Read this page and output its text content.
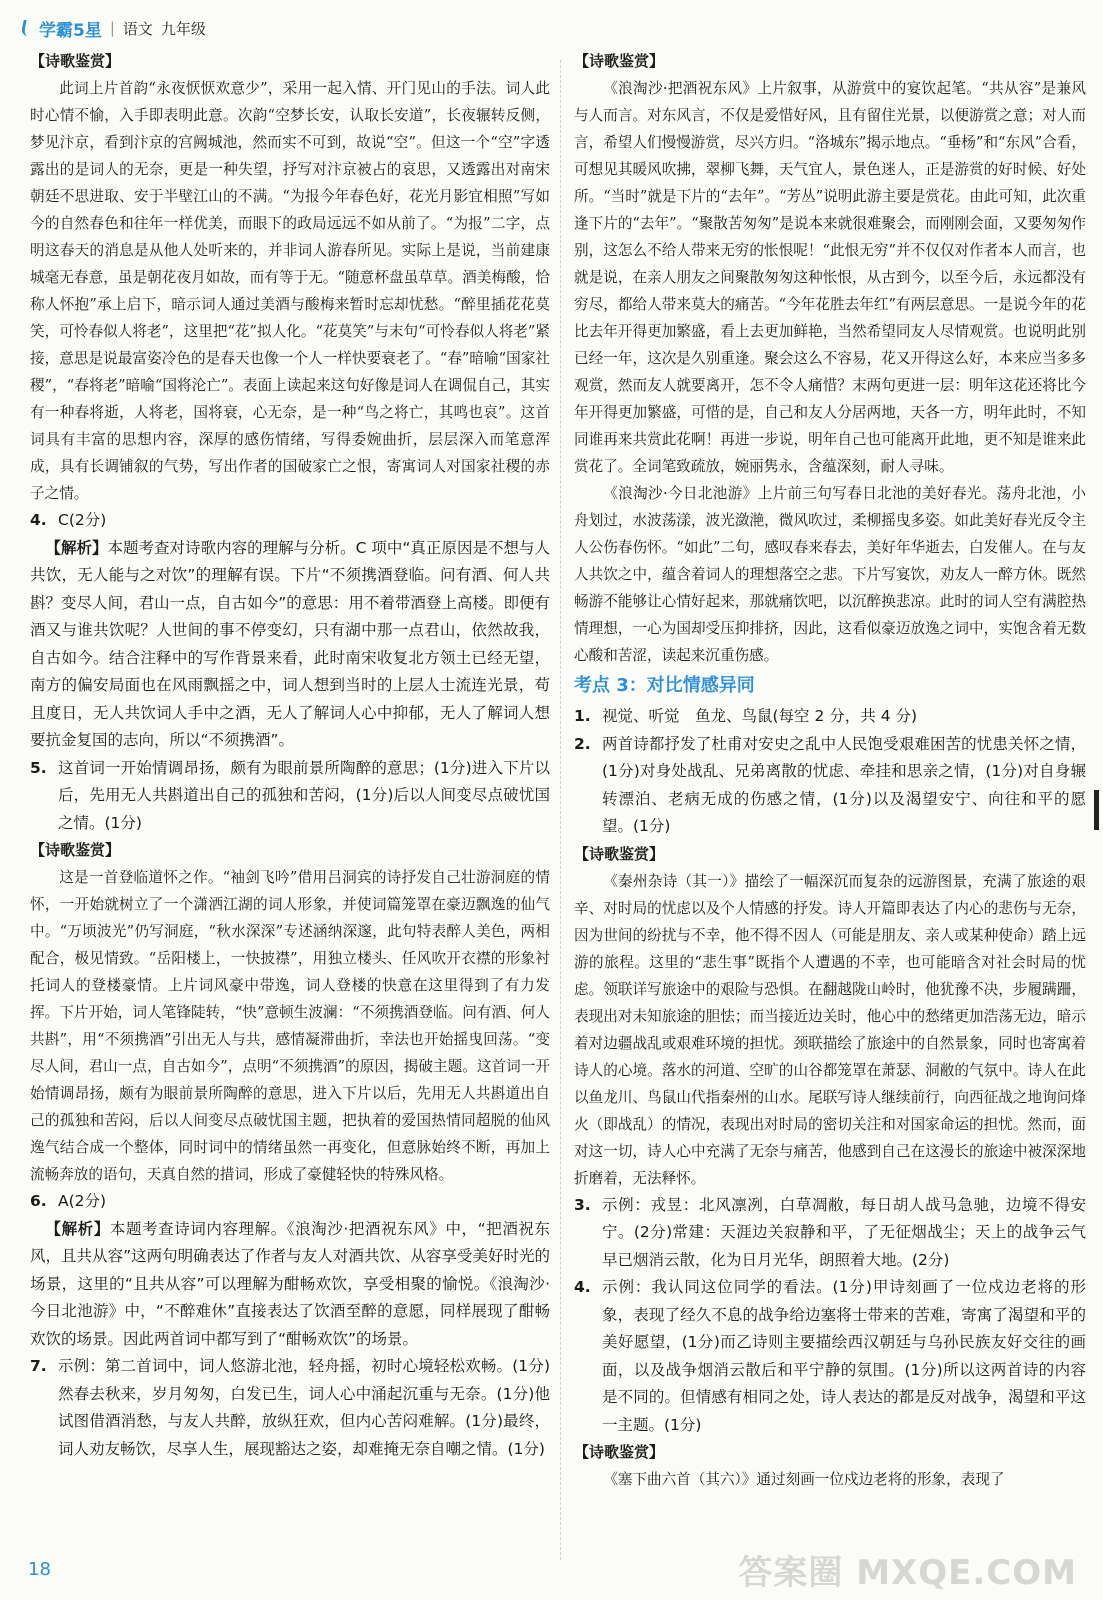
学霸5星 | 语文 九年级

【诗歌鉴赏】

此词上片首韵“永夜恹恹欢意少”，采用一起入情、开门见山的手法。词人此时心情不愉，入手即表明此意。次韵“空梦长安，认取长安道”，长夜辗转反侧，梦见汴京，看到汴京的宫阙城池，然而实不可到，故说“空”。但这一个“空”字透露出的是词人的无奈，更是一种失望，抒写对汴京被占的哀思，又透露出对南宋朝廷不思进取、安于半壁江山的不满。“为报今年春色好，花光月影宜相照”写如今的自然春色和往年一样优美，而眼下的政局远远不如从前了。“为报”二字，点明这春天的消息是从他人处听来的，并非词人游春所见。实际上是说，当前建康城毫无春意，虽是朝花夜月如故，而有等于无。“随意杯盘虽草草。酒美梅酸，恰称人怀抱”承上启下，暗示词人通过美酒与酸梅来暂时忘却忧愁。“醉里插花花莫笑，可怜春似人将老”，这里把“花”拟人化。“花莫笑”与末句“可怜春似人将老”紧接，意思是说最富姿冷色的是春天也像一个人一样快要衰老了。“春”暗喻“国家社稷”，“春将老”暗喻“国将沦亡”。表面上读起来这句好像是词人在调侃自己，其实有一种春将逝，人将老，国将衰，心无奈，是一种“鸟之将亡，其鸣也哀”。这首词具有丰富的思想内容，深厚的感伤情绪，写得委婉曲折，层层深入而笔意浑成，具有长调铺叙的气势，写出作者的国破家亡之恨，寄寓词人对国家社稷的赤子之情。

4. C(2分)

【解析】本题考查对诗歌内容的理解与分析。C 项中“真正原因是不想与人共饮，无人能与之对饮”的理解有误。下片“不须携酒登临。问有酒、何人共斟？变尽人间，君山一点，自古如今”的意思：用不着带酒登上高楼。即便有酒又与谁共饮呢？人世间的事不停变幻，只有湖中那一点君山，依然故我，自古如今。结合注释中的写作背景来看，此时南宋收复北方领土已经无望，南方的偏安局面也在风雨飘摇之中，词人想到当时的上层人士流连光景，苟且度日，无人共饮词人手中之酒，无人了解词人心中抑郁，无人了解词人想要抗金复国的志向，所以“不须携酒”。

5. 这首词一开始情调昂扬，颇有为眼前景所陶醉的意思；(1分)进入下片以后，先用无人共斟道出自己的孤独和苦闷，(1分)后以人间变尽点破忧国之情。(1分)

【诗歌鉴赏】

这是一首登临道怀之作。“袖剑飞吟”借用吕洞宾的诗抒发自己壮游洞庭的情怀，一开始就树立了一个潇洒江湖的词人形象，并使词篇笼罩在豪迈飘逸的仙气中。“万顷波光”仍写洞庭，“秋水深深”专述涵纳深邃，此句特表醉人美色，两相配合，极见情致。“岳阳楼上，一快披襟”，用独立楼头、任风吹开衣襟的形象衬托词人的登楼豪情。上片词风豪中带逸，词人登楼的快意在这里得到了有力发挥。下片开始，词人笔锋陡转，“快”意顿生波澜：“不须携酒登临。问有酒、何人共斟”，用“不须携酒”引出无人与共，感情凝滞曲折，幸法也开始摇曳回荡。“变尽人间，君山一点，自古如今”，点明“不须携酒”的原因，揭破主题。这首词一开始情调昂扬，颇有为眼前景所陶醉的意思，进入下片以后，先用无人共斟道出自己的孤独和苦闷，后以人间变尽点破忧国主题，把执着的爱国热情同超脱的仙风逸气结合成一个整体，同时词中的情绪虽然一再变化，但意脉始终不断，再加上流畅奔放的语句，天真自然的措词，形成了豪健轻快的特殊风格。

6. A(2分)

【解析】本题考查诗词内容理解。《浪淘沙·把酒祝东风》中，“把酒祝东风，且共从容”这两句明确表达了作者与友人对酒共饮、从容享受美好时光的场景，这里的“且共从容”可以理解为酣畅欢饮，享受相聚的愉悦。《浪淘沙·今日北池游》中，“不醉难休”直接表达了饮酒至醉的意愿，同样展现了酣畅欢饮的场景。因此两首词中都写到了“酣畅欢饮”的场景。

7. 示例：第二首词中，词人悠游北池，轻舟摇，初时心境轻松欢畅。(1分)然春去秋来，岁月匆匆，白发已生，词人心中涌起沉重与无奈。(1分)他试图借酒消愁，与友人共醉，放纵狂欢，但内心苦闷难解。(1分)最终，词人劝友畅饮，尽享人生，展现豁达之姿，却难掩无奈自嘲之情。(1分)

【诗歌鉴赏】

《浪淘沙·把酒祝东风》上片叙事，从游赏中的宴饮起笔。“共从容”是兼风与人而言。对东风言，不仅是爱惜好风，且有留住光景，以便游赏之意；对人而言，希望人们慢慢游赏，尽兴方归。“洛城东”揭示地点。“垂杨”和“东风”合看，可想见其暖风吹拂，翠柳飞舞，天气宜人，景色迷人，正是游赏的好时候、好处所。“当时”就是下片的“去年”。“芳丛”说明此游主要是赏花。由此可知，此次重逢下片的“去年”。“聚散苦匆匆”是说本来就很难聚会，而刚刚会面，又要匆匆作别，这怎么不给人带来无穷的怅恨呢！“此恨无穷”并不仅仅对作者本人而言，也就是说，在亲人朋友之间聚散匆匆这种怅恨，从古到今，以至今后，永远都没有穷尽，都给人带来莫大的痛苦。“今年花胜去年红”有两层意思。一是说今年的花比去年开得更加繁盛，看上去更加鲜艳，当然希望同友人尽情观赏。也说明此别已经一年，这次是久别重逢。聚会这么不容易，花又开得这么好，本来应当多多观赏，然而友人就要离开，怎不令人痛惜？末两句更进一层：明年这花还将比今年开得更加繁盛，可惜的是，自己和友人分居两地，天各一方，明年此时，不知同谁再来共赏此花啊！再进一步说，明年自己也可能离开此地，更不知是谁来此赏花了。全词笔致疏放，婉丽隽永，含蕴深刻，耐人寻味。

《浪淘沙·今日北池游》上片前三句写春日北池的美好春光。荡舟北池，小舟划过，水波荡漾，波光潋滟，微风吹过，柔柳摇曳多姿。如此美好春光反令主人公伤春伤怀。“如此”二句，感叹春来春去，美好年华逝去，白发催人。在与友人共饮之中，蕴含着词人的理想落空之悲。下片写宴饮，劝友人一醉方休。既然畅游不能够让心情好起来，那就痛饮吧，以沉醉换悲凉。此时的词人空有满腔热情理想，一心为国却受压抑排挤，因此，这看似豪迈放逸之词中，实饱含着无数心酸和苦涩，读起来沉重伤感。

考点 3：对比情感异同

1. 视觉、听觉　鱼龙、鸟鼠(每空 2 分，共 4 分)

2. 两首诗都抒发了杜甫对安史之乱中人民饱受艰难困苦的忧患关怀之情，(1分)对身处战乱、兄弟离散的忧虑、牵挂和思亲之情，(1分)对自身辗转漂泊、老病无成的伤感之情，(1分)以及渴望安宁、向往和平的愿望。(1分)

【诗歌鉴赏】

《秦州杂诗（其一）》描绘了一幅深沉而复杂的远游图景，充满了旅途的艰辛、对时局的忧虑以及个人情感的抒发。诗人开篇即表达了内心的悲伤与无奈，因为世间的纷扰与不幸，他不得不因人（可能是朋友、亲人或某种使命）踏上远游的旅程。这里的“悲生事”既指个人遭遇的不幸，也可能暗含对社会时局的忧虑。领联详写旅途中的艰险与恐惧。在翻越陇山岭时，他犹豫不决，步履蹒跚，表现出对未知旅途的胆怯；而当接近边关时，他心中的愁绪更加浩荡无边，暗示着对边疆战乱或艰难环境的担忧。颈联描绘了旅途中的自然景象，同时也寄寓着诗人的心境。落水的河道、空旷的山谷都笼罩在萧瑟、洞敝的气氛中。诗人在此以鱼龙川、鸟鼠山代指秦州的山水。尾联写诗人继续前行，向西征战之地询问烽火（即战乱）的情况，表现出对时局的密切关注和对国家命运的担忧。然而，面对这一切，诗人心中充满了无奈与痛苦，他感到自己在这漫长的旅途中被深深地折磨着，无法释怀。

3. 示例：戎昱：北风凛冽，白草凋敝，每日胡人战马急驰，边境不得安宁。(2分)常建：天涯边关寂静和平，了无征烟战尘；天上的战争云气早已烟消云散，化为日月光华，朗照着大地。(2分)

4. 示例：我认同这位同学的看法。(1分)甲诗刻画了一位戍边老将的形象，表现了经久不息的战争给边塞将士带来的苦难，寄寓了渴望和平的美好愿望，(1分)而乙诗则主要描绘西汉朝廷与乌孙民族友好交往的画面，以及战争烟消云散后和平宁静的氛围。(1分)所以这两首诗的内容是不同的。但情感有相同之处，诗人表达的都是反对战争，渴望和平这一主题。(1分)

【诗歌鉴赏】

《塞下曲六首（其六）》通过刻画一位戍边老将的形象，表现了

18	答案圈 MXQE.COM
